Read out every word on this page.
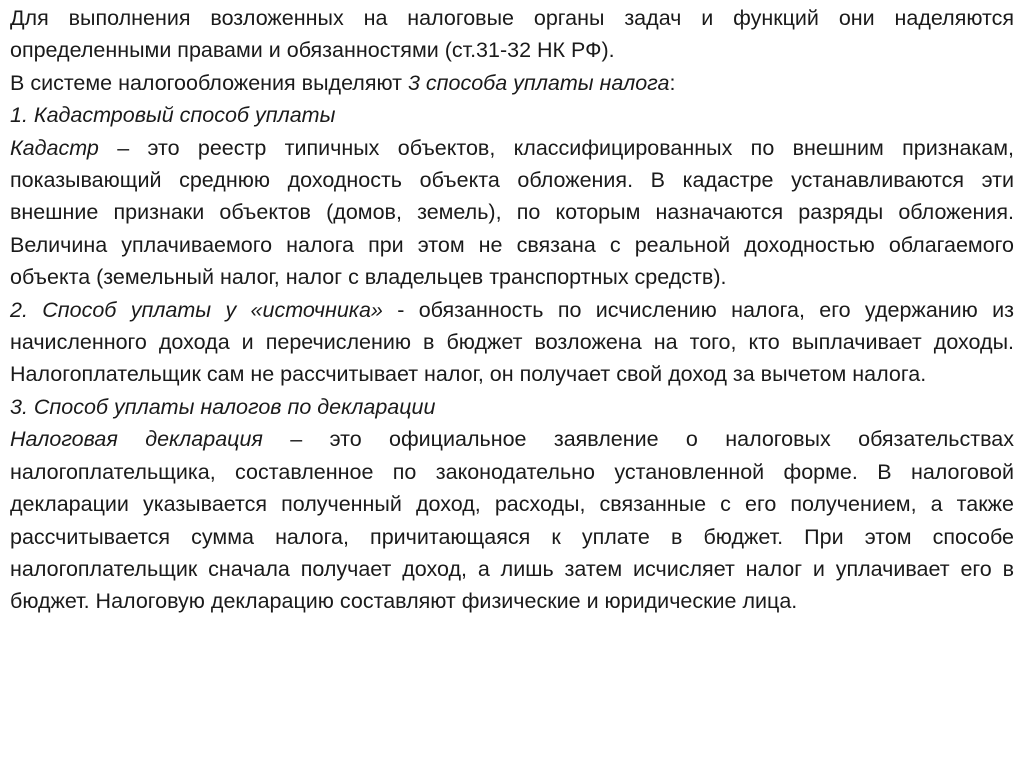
Для выполнения возложенных на налоговые органы задач и функций они наделяются определенными правами и обязанностями (ст.31-32 НК РФ).

В системе налогообложения выделяют 3 способа уплаты налога:

1. Кадастровый способ уплаты

Кадастр – это реестр типичных объектов, классифицированных по внешним признакам, показывающий среднюю доходность объекта обложения. В кадастре устанавливаются эти внешние признаки объектов (домов, земель), по которым назначаются разряды обложения. Величина уплачиваемого налога при этом не связана с реальной доходностью облагаемого объекта (земельный налог, налог с владельцев транспортных средств).

2. Способ уплаты у «источника» - обязанность по исчислению налога, его удержанию из начисленного дохода и перечислению в бюджет возложена на того, кто выплачивает доходы. Налогоплательщик сам не рассчитывает налог, он получает свой доход за вычетом налога.

3. Способ уплаты налогов по декларации

Налоговая декларация – это официальное заявление о налоговых обязательствах налогоплательщика, составленное по законодательно установленной форме. В налоговой декларации указывается полученный доход, расходы, связанные с его получением, а также рассчитывается сумма налога, причитающаяся к уплате в бюджет. При этом способе налогоплательщик сначала получает доход, а лишь затем исчисляет налог и уплачивает его в бюджет. Налоговую декларацию составляют физические и юридические лица.
